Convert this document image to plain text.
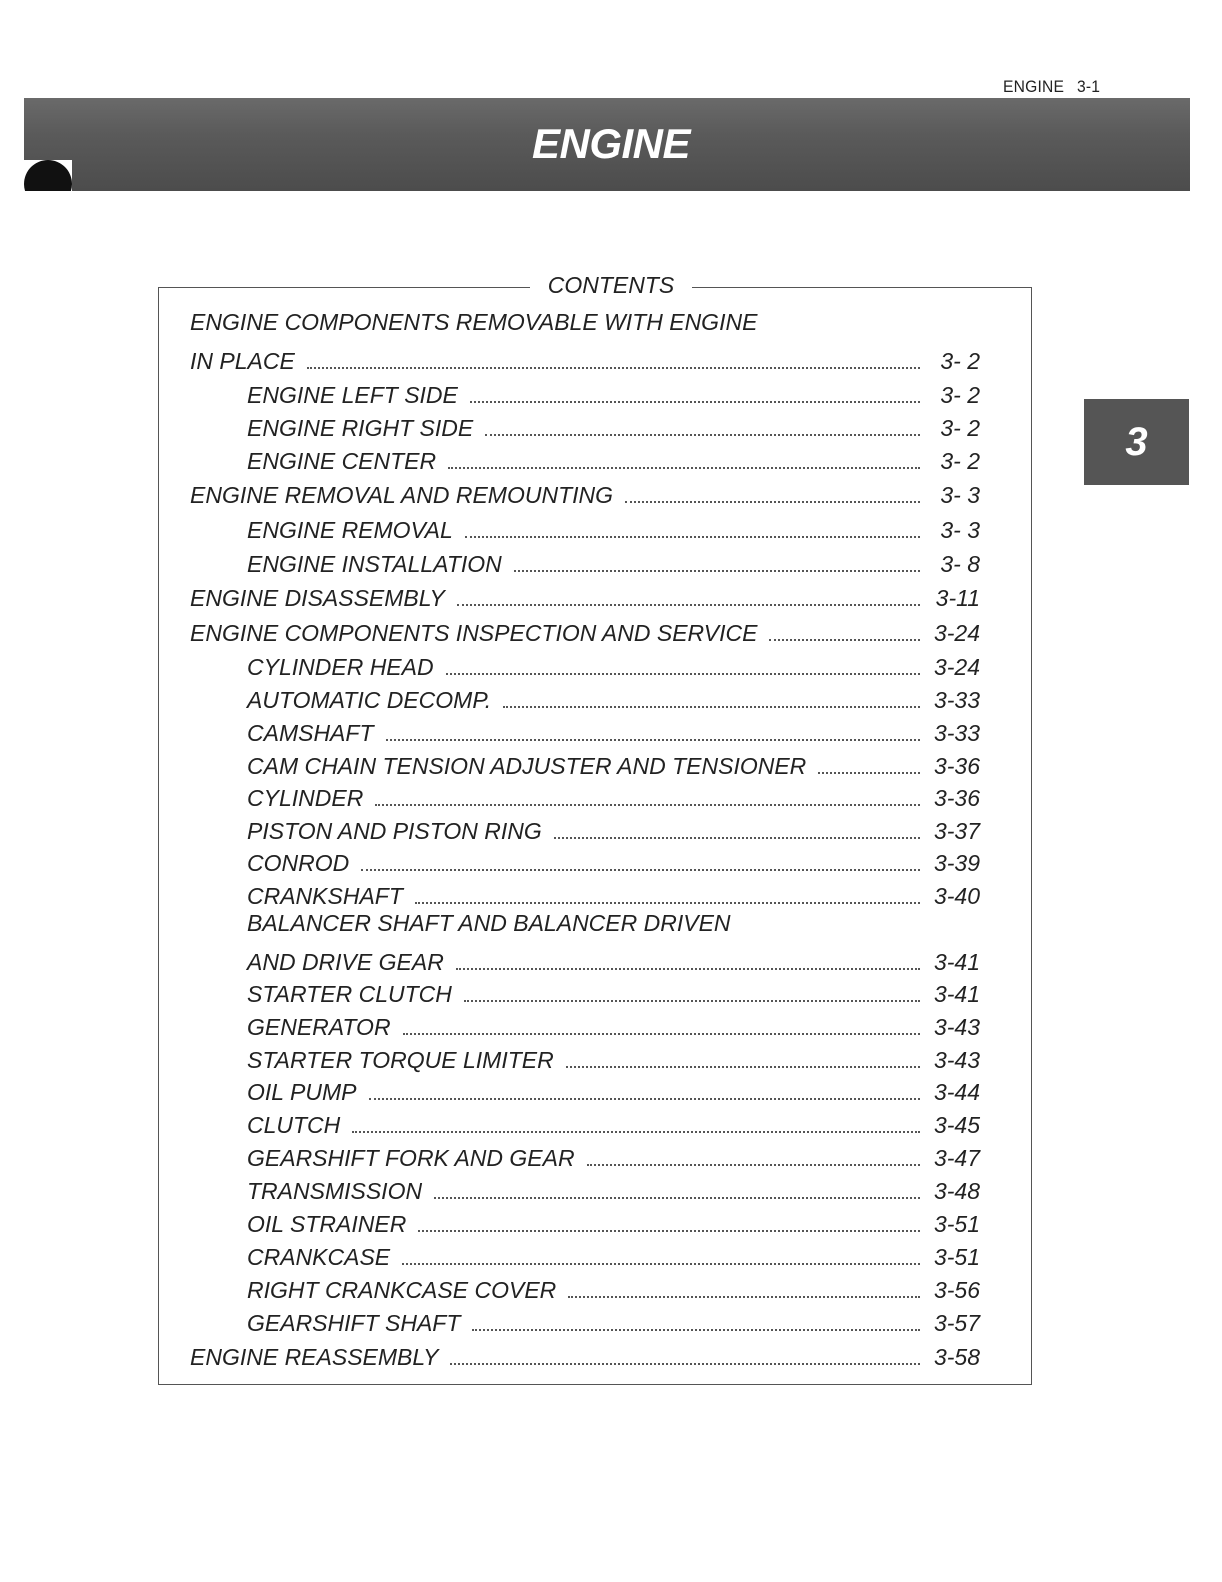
ENGINE 3-1
ENGINE
3
CONTENTS
ENGINE COMPONENTS REMOVABLE WITH ENGINE
IN PLACE	3- 2
ENGINE LEFT SIDE	3- 2
ENGINE RIGHT SIDE	3- 2
ENGINE CENTER	3- 2
ENGINE REMOVAL AND REMOUNTING	3- 3
ENGINE REMOVAL	3- 3
ENGINE INSTALLATION	3- 8
ENGINE DISASSEMBLY	3-11
ENGINE COMPONENTS INSPECTION AND SERVICE	3-24
CYLINDER HEAD	3-24
AUTOMATIC DECOMP.	3-33
CAMSHAFT	3-33
CAM CHAIN TENSION ADJUSTER AND TENSIONER	3-36
CYLINDER	3-36
PISTON AND PISTON RING	3-37
CONROD	3-39
CRANKSHAFT	3-40
BALANCER SHAFT AND BALANCER DRIVEN
AND DRIVE GEAR	3-41
STARTER CLUTCH	3-41
GENERATOR	3-43
STARTER TORQUE LIMITER	3-43
OIL PUMP	3-44
CLUTCH	3-45
GEARSHIFT FORK AND GEAR	3-47
TRANSMISSION	3-48
OIL STRAINER	3-51
CRANKCASE	3-51
RIGHT CRANKCASE COVER	3-56
GEARSHIFT SHAFT	3-57
ENGINE REASSEMBLY	3-58
